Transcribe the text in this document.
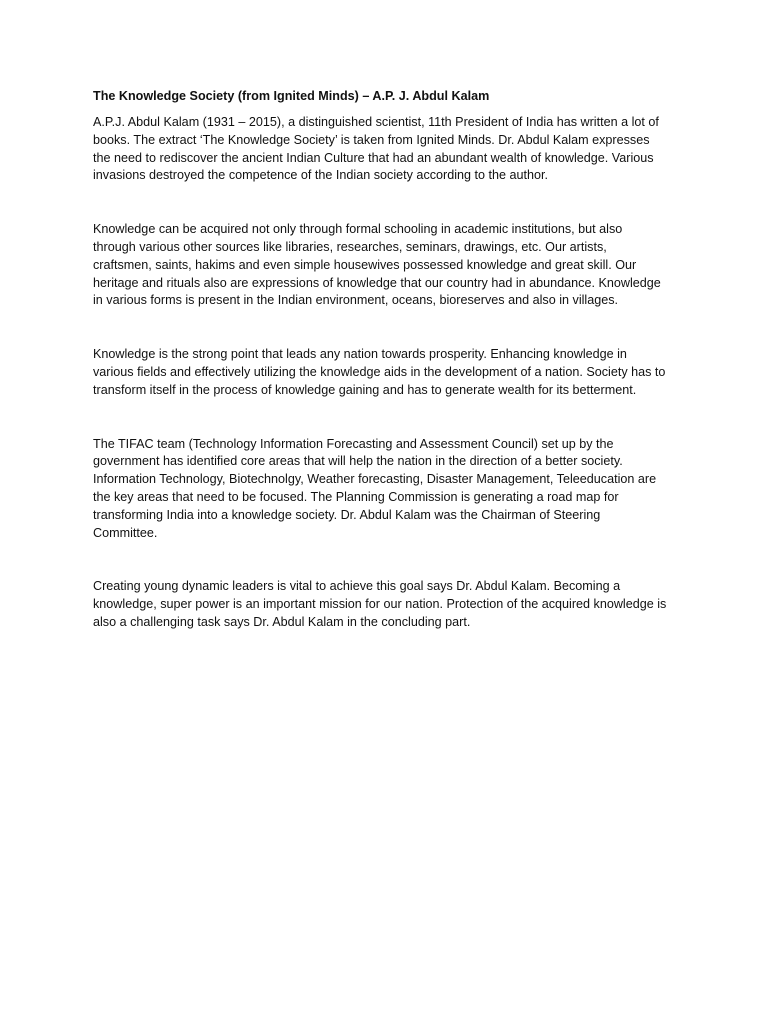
The Knowledge Society (from Ignited Minds) – A.P. J. Abdul Kalam

A.P.J. Abdul Kalam (1931 – 2015), a distinguished scientist, 11th President of India has written a lot of books. The extract ‘The Knowledge Society’ is taken from Ignited Minds. Dr. Abdul Kalam expresses the need to rediscover the ancient Indian Culture that had an abundant wealth of knowledge. Various invasions destroyed the competence of the Indian society according to the author.

Knowledge can be acquired not only through formal schooling in academic institutions, but also through various other sources like libraries, researches, seminars, drawings, etc. Our artists, craftsmen, saints, hakims and even simple housewives possessed knowledge and great skill. Our heritage and rituals also are expressions of knowledge that our country had in abundance. Knowledge in various forms is present in the Indian environment, oceans, bioreserves and also in villages.

Knowledge is the strong point that leads any nation towards prosperity. Enhancing knowledge in various fields and effectively utilizing the knowledge aids in the development of a nation. Society has to transform itself in the process of knowledge gaining and has to generate wealth for its betterment.

The TIFAC team (Technology Information Forecasting and Assessment Council) set up by the government has identified core areas that will help the nation in the direction of a better society. Information Technology, Biotechnolgy, Weather forecasting, Disaster Management, Teleeducation are the key areas that need to be focused. The Planning Commission is generating a road map for transforming India into a knowledge society. Dr. Abdul Kalam was the Chairman of Steering Committee.

Creating young dynamic leaders is vital to achieve this goal says Dr. Abdul Kalam. Becoming a knowledge, super power is an important mission for our nation. Protection of the acquired knowledge is also a challenging task says Dr. Abdul Kalam in the concluding part.
